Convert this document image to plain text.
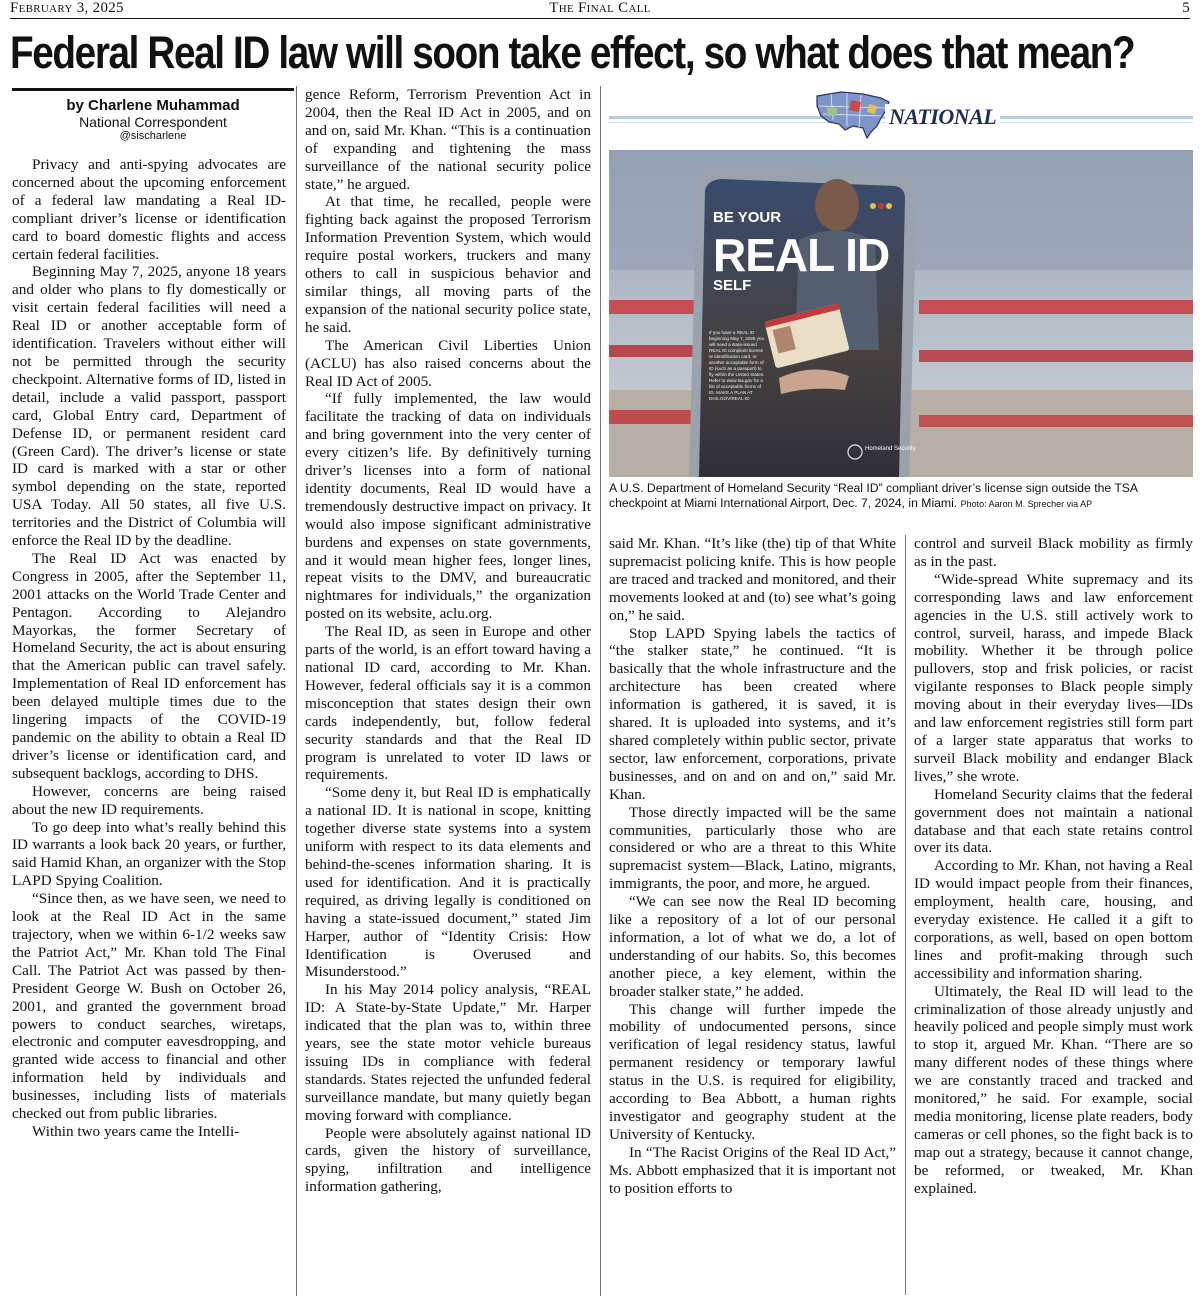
February 3, 2025	The Final Call	5
Federal Real ID law will soon take effect, so what does that mean?
by Charlene Muhammad
National Correspondent
@sischarlene

Privacy and anti-spying advocates are concerned about the upcoming enforcement of a federal law mandating a Real ID-compliant driver’s license or identification card to board domestic flights and access certain federal facilities.

Beginning May 7, 2025, anyone 18 years and older who plans to fly domestically or visit certain federal facilities will need a Real ID or another acceptable form of identification. Travelers without either will not be permitted through the security checkpoint. Alternative forms of ID, listed in detail, include a valid passport, passport card, Global Entry card, Department of Defense ID, or permanent resident card (Green Card). The driver’s license or state ID card is marked with a star or other symbol depending on the state, reported USA Today. All 50 states, all five U.S. territories and the District of Columbia will enforce the Real ID by the deadline.

The Real ID Act was enacted by Congress in 2005, after the September 11, 2001 attacks on the World Trade Center and Pentagon. According to Alejandro Mayorkas, the former Secretary of Homeland Security, the act is about ensuring that the American public can travel safely. Implementation of Real ID enforcement has been delayed multiple times due to the lingering impacts of the COVID-19 pandemic on the ability to obtain a Real ID driver’s license or identification card, and subsequent backlogs, according to DHS.

However, concerns are being raised about the new ID requirements.

To go deep into what’s really behind this ID warrants a look back 20 years, or further, said Hamid Khan, an organizer with the Stop LAPD Spying Coalition.

“Since then, as we have seen, we need to look at the Real ID Act in the same trajectory, when we within 6-1/2 weeks saw the Patriot Act,” Mr. Khan told The Final Call. The Patriot Act was passed by then-President George W. Bush on October 26, 2001, and granted the government broad powers to conduct searches, wiretaps, electronic and computer eavesdropping, and granted wide access to financial and other information held by individuals and businesses, including lists of materials checked out from public libraries.

Within two years came the Intelli-

gence Reform, Terrorism Prevention Act in 2004, then the Real ID Act in 2005, and on and on, said Mr. Khan. “This is a continuation of expanding and tightening the mass surveillance of the national security police state,” he argued.

At that time, he recalled, people were fighting back against the proposed Terrorism Information Prevention System, which would require postal workers, truckers and many others to call in suspicious behavior and similar things, all moving parts of the expansion of the national security police state, he said.

The American Civil Liberties Union (ACLU) has also raised concerns about the Real ID Act of 2005.

“If fully implemented, the law would facilitate the tracking of data on individuals and bring government into the very center of every citizen’s life. By definitively turning driver’s licenses into a form of national identity documents, Real ID would have a tremendously destructive impact on privacy. It would also impose significant administrative burdens and expenses on state governments, and it would mean higher fees, longer lines, repeat visits to the DMV, and bureaucratic nightmares for individuals,” the organization posted on its website, aclu.org.

The Real ID, as seen in Europe and other parts of the world, is an effort toward having a national ID card, according to Mr. Khan. However, federal officials say it is a common misconception that states design their own cards independently, but, follow federal security standards and that the Real ID program is unrelated to voter ID laws or requirements.

“Some deny it, but Real ID is emphatically a national ID. It is national in scope, knitting together diverse state systems into a system uniform with respect to its data elements and behind-the-scenes information sharing. It is used for identification. And it is practically required, as driving legally is conditioned on having a state-issued document,” stated Jim Harper, author of “Identity Crisis: How Identification is Overused and Misunderstood.”

In his May 2014 policy analysis, “REAL ID: A State-by-State Update,” Mr. Harper indicated that the plan was to, within three years, see the state motor vehicle bureaus issuing IDs in compliance with federal standards. States rejected the unfunded federal surveillance mandate, but many quietly began moving forward with compliance.

People were absolutely against national ID cards, given the history of surveillance, spying, infiltration and intelligence information gathering,

said Mr. Khan. “It’s like (the) tip of that White supremacist policing knife. This is how people are traced and tracked and monitored, and their movements looked at and (to) see what’s going on,” he said.

Stop LAPD Spying labels the tactics of “the stalker state,” he continued. “It is basically that the whole infrastructure and the architecture has been created where information is gathered, it is saved, it is shared. It is uploaded into systems, and it’s shared completely within public sector, private sector, law enforcement, corporations, private businesses, and on and on and on,” said Mr. Khan.

Those directly impacted will be the same communities, particularly those who are considered or who are a threat to this White supremacist system—Black, Latino, migrants, immigrants, the poor, and more, he argued.

“We can see now the Real ID becoming like a repository of a lot of our personal information, a lot of what we do, a lot of understanding of our habits. So, this becomes another piece, a key element, within the broader stalker state,” he added.

This change will further impede the mobility of undocumented persons, since verification of legal residency status, lawful permanent residency or temporary lawful status in the U.S. is required for eligibility, according to Bea Abbott, a human rights investigator and geography student at the University of Kentucky.

In “The Racist Origins of the Real ID Act,” Ms. Abbott emphasized that it is important not to position efforts to

control and surveil Black mobility as firmly as in the past.

“Wide-spread White supremacy and its corresponding laws and law enforcement agencies in the U.S. still actively work to control, surveil, harass, and impede Black mobility. Whether it be through police pullovers, stop and frisk policies, or racist vigilante responses to Black people simply moving about in their everyday lives—IDs and law enforcement registries still form part of a larger state apparatus that works to surveil Black mobility and endanger Black lives,” she wrote.

Homeland Security claims that the federal government does not maintain a national database and that each state retains control over its data.

According to Mr. Khan, not having a Real ID would impact people from their finances, employment, health care, housing, and everyday existence. He called it a gift to corporations, as well, based on open bottom lines and profit-making through such accessibility and information sharing.

Ultimately, the Real ID will lead to the criminalization of those already unjustly and heavily policed and people simply must work to stop it, argued Mr. Khan. “There are so many different nodes of these things where we are constantly traced and tracked and monitored,” he said. For example, social media monitoring, license plate readers, body cameras or cell phones, so the fight back is to map out a strategy, because it cannot change, be reformed, or tweaked, Mr. Khan explained.

NATIONAL
BE YOUR
REAL ID
SELF
If you have a REAL ID beginning May 7, 2025 you will need a state-issued REAL ID compliant license or identification card, or another acceptable form of ID (such as a passport) to fly within the United States. Refer to www.tsa.gov for a list of acceptable forms of ID. MAKE A PLAN AT DHS.GOV/REAL-ID
Homeland Security
A U.S. Department of Homeland Security “Real ID” compliant driver’s license sign outside the TSA checkpoint at Miami International Airport, Dec. 7, 2024, in Miami. Photo: Aaron M. Sprecher via AP
